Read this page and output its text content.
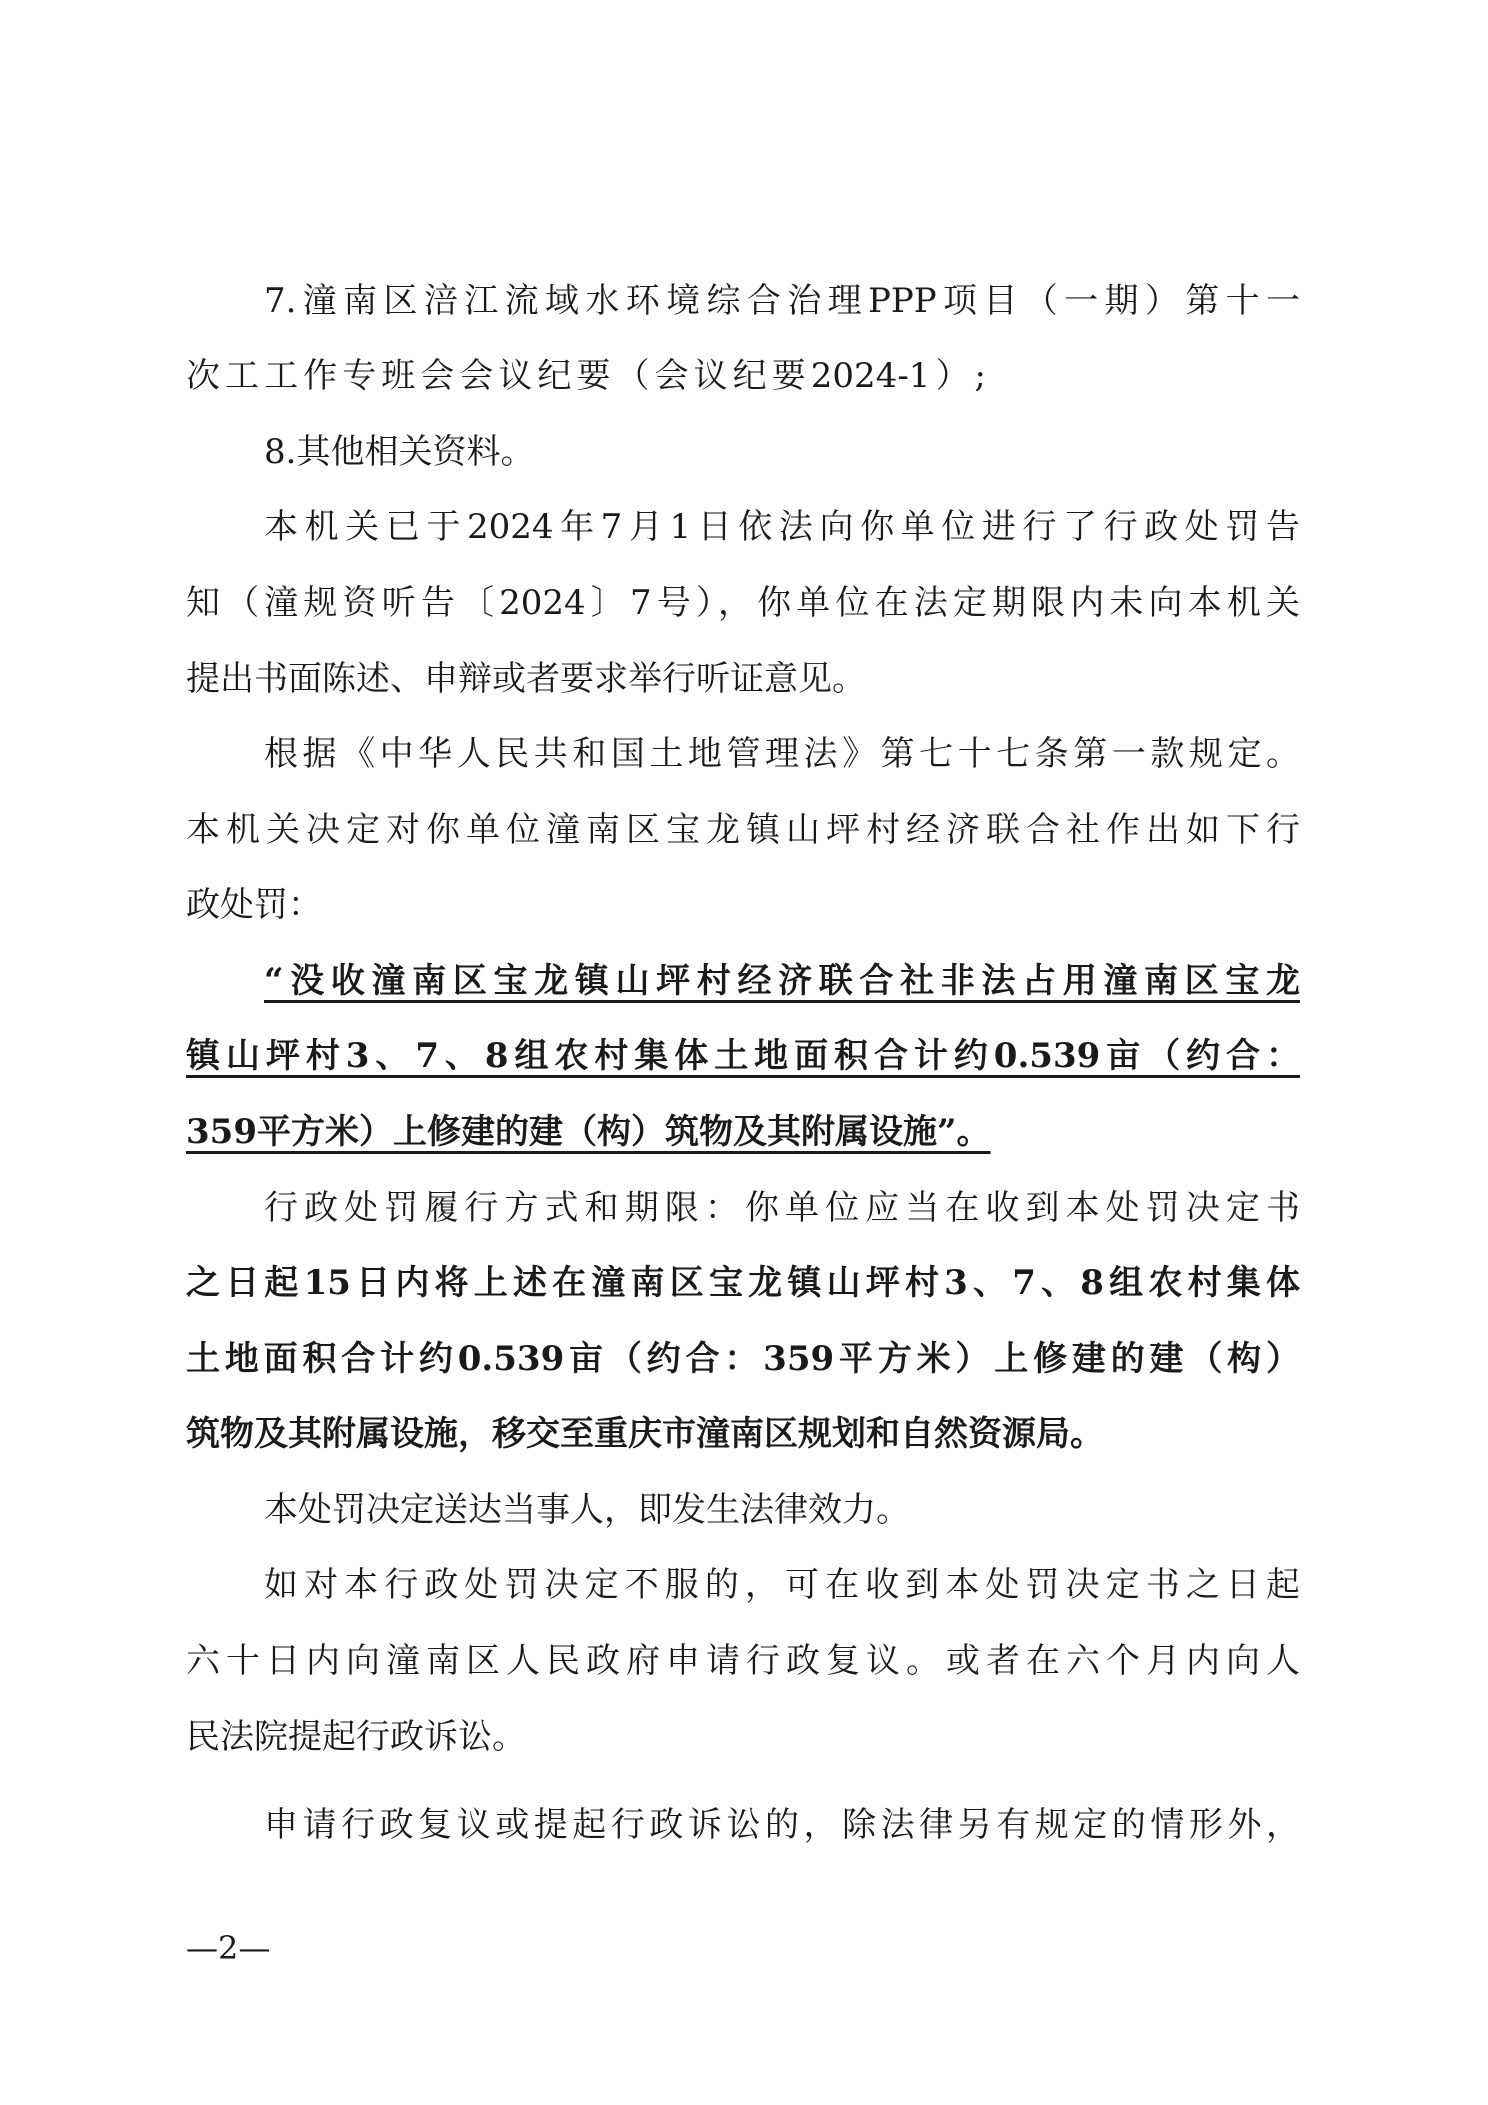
7.潼南区涪江流域水环境综合治理PPP项目（一期）第十一
次工工作专班会会议纪要（会议纪要2024-1）;
8.其他相关资料。
本机关已于2024年7月1日依法向你单位进行了行政处罚告
知（潼规资听告〔2024〕7号），你单位在法定期限内未向本机关
提出书面陈述、申辩或者要求举行听证意见。
根据《中华人民共和国土地管理法》第七十七条第一款规定。
本机关决定对你单位潼南区宝龙镇山坪村经济联合社作出如下行
政处罚：
“没收潼南区宝龙镇山坪村经济联合社非法占用潼南区宝龙
镇山坪村3、7、8组农村集体土地面积合计约0.539亩（约合：
359平方米）上修建的建（构）筑物及其附属设施”。
行政处罚履行方式和期限：你单位应当在收到本处罚决定书
之日起15日内将上述在潼南区宝龙镇山坪村3、7、8组农村集体
土地面积合计约0.539亩（约合：359平方米）上修建的建（构）
筑物及其附属设施，移交至重庆市潼南区规划和自然资源局。
本处罚决定送达当事人，即发生法律效力。
如对本行政处罚决定不服的，可在收到本处罚决定书之日起
六十日内向潼南区人民政府申请行政复议。或者在六个月内向人
民法院提起行政诉讼。
申请行政复议或提起行政诉讼的，除法律另有规定的情形外，
—2—
